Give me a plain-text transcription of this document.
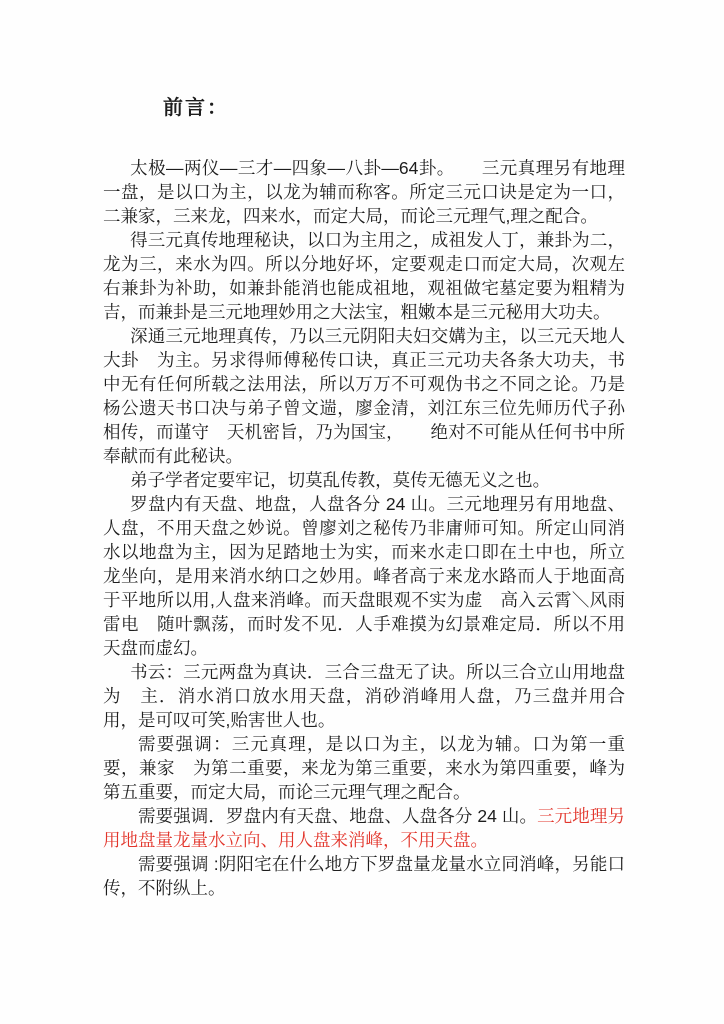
前言：

太极—两仪—三才—四象—八卦—64卦。　　三元真理另有地理一盘，是以口为主，以龙为辅而称客。所定三元口诀是定为一口，二兼家，三来龙，四来水，而定大局，而论三元理气,理之配合。

得三元真传地理秘诀，以口为主用之，成祖发人丁，兼卦为二，龙为三，来水为四。所以分地好坏，定要观走口而定大局，次观左右兼卦为补助，如兼卦能消也能成祖地，观祖做宅墓定要为粗精为吉，而兼卦是三元地理妙用之大法宝，粗嫩本是三元秘用大功夫。

深通三元地理真传，乃以三元阴阳夫妇交媾为主，以三元天地人大卦　为主。另求得师傅秘传口诀，真正三元功夫各条大功夫，书中无有任何所载之法用法，所以万万不可观伪书之不同之论。乃是杨公遗天书口决与弟子曾文遄，廖金清，刘江东三位先师历代子孙相传，而谨守　天机密旨，乃为国宝，　　绝对不可能从任何书中所奉献而有此秘诀。

弟子学者定要牢记，切莫乱传教，莫传无德无义之也。

罗盘内有天盘、地盘，人盘各分 24 山。三元地理另有用地盘、人盘，不用天盘之妙说。曾廖刘之秘传乃非庸师可知。所定山同消水以地盘为主，因为足踏地士为实，而来水走口即在土中也，所立龙坐向，是用来消水纳口之妙用。峰者高亍来龙水路而人于地面高于平地所以用,人盘来消峰。而天盘眼观不实为虚　高入云霄＼风雨雷电　随叶飘荡，而时发不见．人手难摸为幻景难定局．所以不用天盘而虚幻。

书云：三元两盘为真诀．三合三盘无了诀。所以三合立山用地盘为　主．消水消口放水用天盘，消砂消峰用人盘，乃三盘并用合用，是可叹可笑,贻害世人也。

需要强调：三元真理，是以口为主，以龙为辅。口为第一重要，兼家　为第二重要，来龙为第三重要，来水为第四重要，峰为第五重要，而定大局，而论三元理气理之配合。

需要强调．罗盘内有天盘、地盘、人盘各分 24 山。三元地理另用地盘量龙量水立向、用人盘来消峰，不用天盘。

需要强调 :阴阳宅在什么地方下罗盘量龙量水立同消峰，另能口传，不附纵上。
